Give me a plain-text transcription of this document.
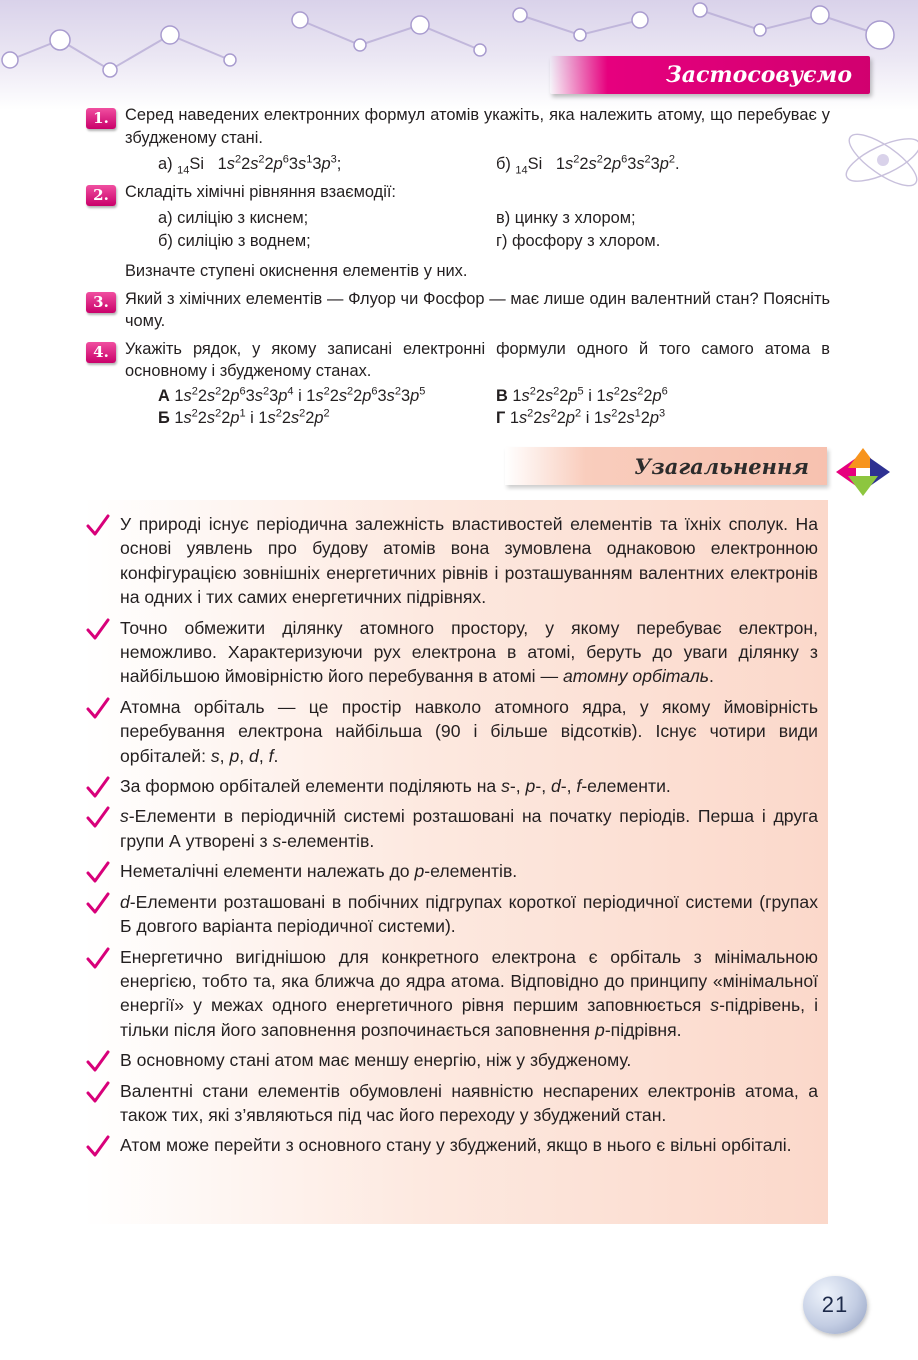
Застосовуємо
1. Серед наведених електронних формул атомів укажіть, яка належить атому, що перебуває у збудженому стані.
а) $_{14}$Si   $1s^22s^22p^63s^13p^3$;	б) $_{14}$Si   $1s^22s^22p^63s^23p^2$.
2. Складіть хімічні рівняння взаємодії:
а) силіцію з киснем;	в) цинку з хлором;
б) силіцію з воднем;	г) фосфору з хлором.
Визначте ступені окиснення елементів у них.
3. Який з хімічних елементів — Флуор чи Фосфор — має лише один валентний стан? Поясніть чому.
4. Укажіть рядок, у якому записані електронні формули одного й того самого атома в основному і збудженому станах.
А $1s^22s^22p^63s^23p^4$ і $1s^22s^22p^63s^23p^5$	В $1s^22s^22p^5$ і $1s^22s^22p^6$
Б $1s^22s^22p^1$ і $1s^22s^22p^2$	Г $1s^22s^22p^2$ і $1s^22s^12p^3$
Узагальнення
У природі існує періодична залежність властивостей елементів та їхніх сполук. На основі уявлень про будову атомів вона зумовлена однаковою електронною конфігурацією зовнішніх енергетичних рівнів і розташуванням валентних електронів на одних і тих самих енергетичних підрівнях.
Точно обмежити ділянку атомного простору, у якому перебуває електрон, неможливо. Характеризуючи рух електрона в атомі, беруть до уваги ділянку з найбільшою ймовірністю його перебування в атомі — атомну орбіталь.
Атомна орбіталь — це простір навколо атомного ядра, у якому ймовірність перебування електрона найбільша (90 і більше відсотків). Існує чотири види орбіталей: s, p, d, f.
За формою орбіталей елементи поділяють на s-, p-, d-, f-елементи.
s-Елементи в періодичній системі розташовані на початку періодів. Перша і друга групи А утворені з s-елементів.
Неметалічні елементи належать до p-елементів.
d-Елементи розташовані в побічних підгрупах короткої періодичної системи (групах Б довгого варіанта періодичної системи).
Енергетично вигіднішою для конкретного електрона є орбіталь з мінімальною енергією, тобто та, яка ближча до ядра атома. Відповідно до принципу «мінімальної енергії» у межах одного енергетичного рівня першим заповнюється s-підрівень, і тільки після його заповнення розпочинається заповнення p-підрівня.
В основному стані атом має меншу енергію, ніж у збудженому.
Валентні стани елементів обумовлені наявністю неспарених електронів атома, а також тих, які з’являються під час його переходу у збуджений стан.
Атом може перейти з основного стану у збуджений, якщо в нього є вільні орбіталі.
21
